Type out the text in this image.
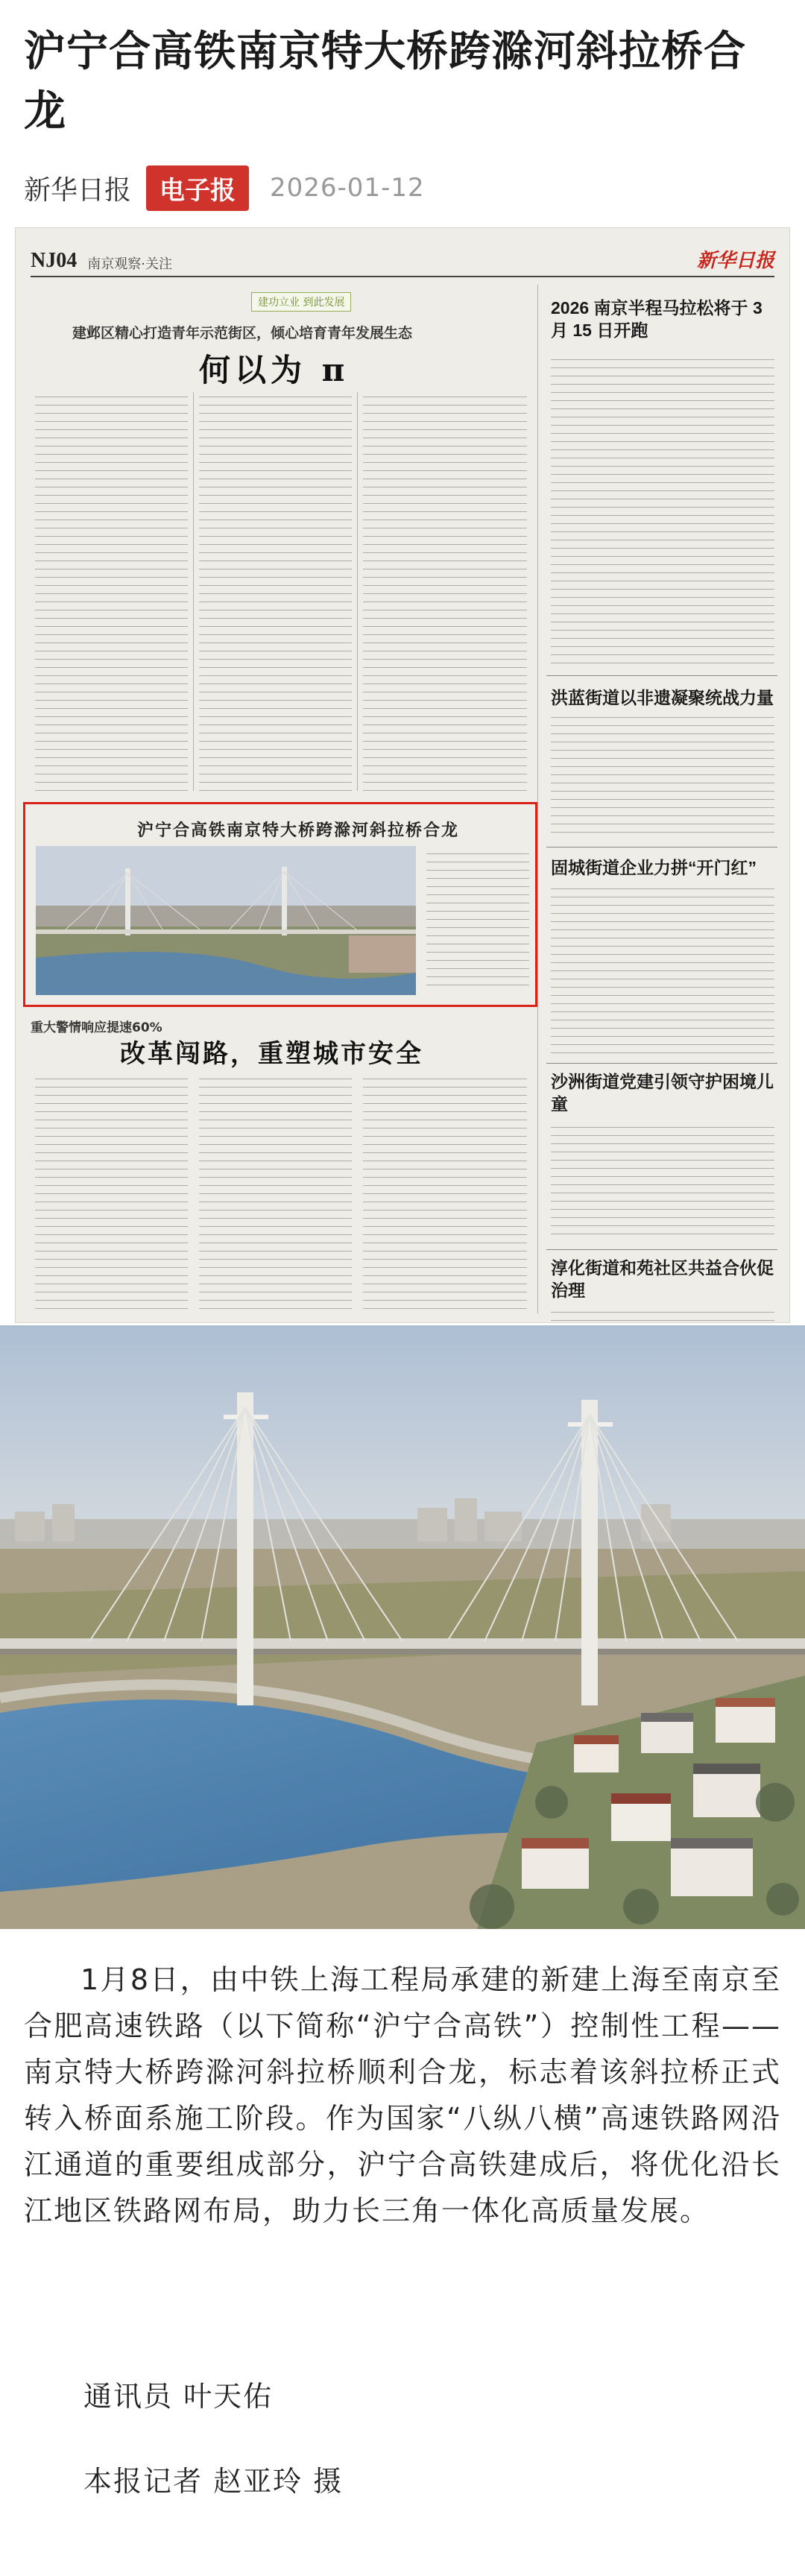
沪宁合高铁南京特大桥跨滁河斜拉桥合龙
新华日报	电子报	2026-01-12
NJ04 南京观察·关注	新华日报
建功立业 到此发展
建邺区精心打造青年示范街区，倾心培育青年发展生态
何以为 π
2026 南京半程马拉松将于 3 月 15 日开跑
洪蓝街道以非遗凝聚统战力量
固城街道企业力拼“开门红”
沙洲街道党建引领守护困境儿童
淳化街道和苑社区共益合伙促治理
沪宁合高铁南京特大桥跨滁河斜拉桥合龙
重大警情响应提速60%
改革闯路，重塑城市安全

1月8日，由中铁上海工程局承建的新建上海至南京至合肥高速铁路（以下简称“沪宁合高铁”）控制性工程——南京特大桥跨滁河斜拉桥顺利合龙，标志着该斜拉桥正式转入桥面系施工阶段。作为国家“八纵八横”高速铁路网沿江通道的重要组成部分，沪宁合高铁建成后，将优化沿长江地区铁路网布局，助力长三角一体化高质量发展。

通讯员 叶天佑
本报记者 赵亚玲 摄
